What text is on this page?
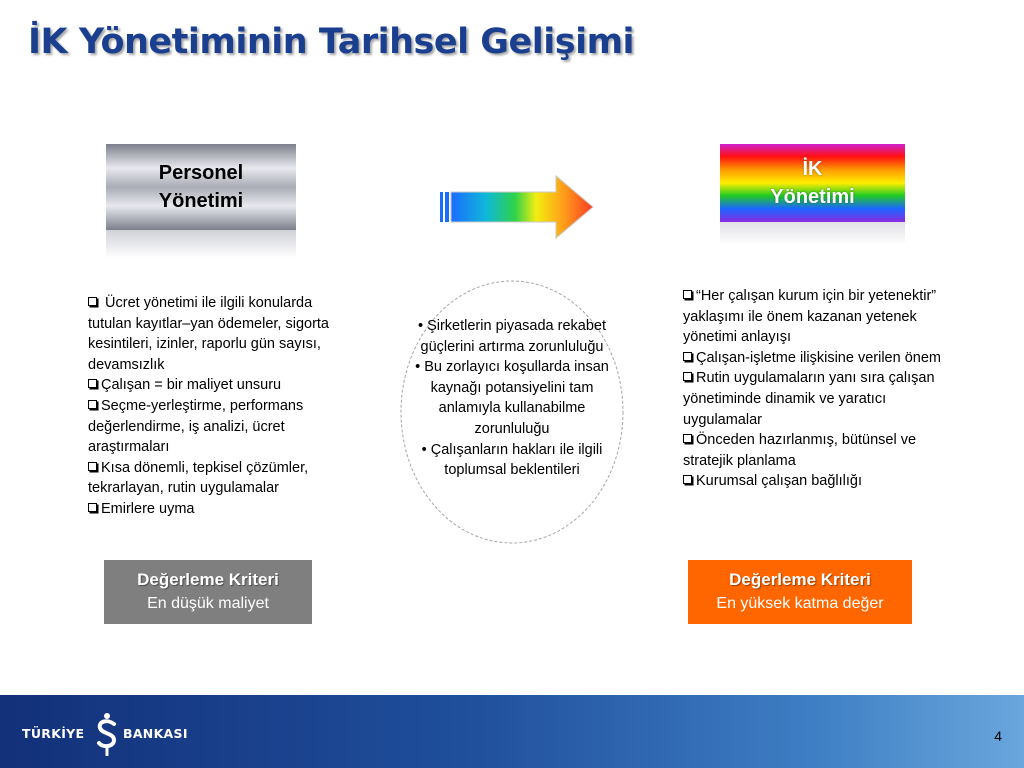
İK Yönetiminin Tarihsel Gelişimi
Personel
Yönetimi
İK
Yönetimi
Ücret yönetimi ile ilgili konularda tutulan kayıtlar–yan ödemeler, sigorta kesintileri, izinler, raporlu gün sayısı, devamsızlık
Çalışan = bir maliyet unsuru
Seçme-yerleştirme, performans değerlendirme, iş analizi, ücret araştırmaları
Kısa dönemli, tepkisel çözümler, tekrarlayan, rutin uygulamalar
Emirlere uyma
• Şirketlerin piyasada rekabet güçlerini artırma zorunluluğu
• Bu zorlayıcı koşullarda insan kaynağı potansiyelini tam anlamıyla kullanabilme zorunluluğu
• Çalışanların hakları ile ilgili toplumsal beklentileri
“Her çalışan kurum için bir yetenektir” yaklaşımı ile önem kazanan yetenek yönetimi anlayışı
Çalışan-işletme ilişkisine verilen önem
Rutin uygulamaların yanı sıra çalışan yönetiminde dinamik ve yaratıcı uygulamalar
Önceden hazırlanmış, bütünsel ve stratejik planlama
Kurumsal çalışan bağlılığı
Değerleme Kriteri
En düşük maliyet
Değerleme Kriteri
En yüksek katma değer
TÜRKİYE	BANKASI	4
